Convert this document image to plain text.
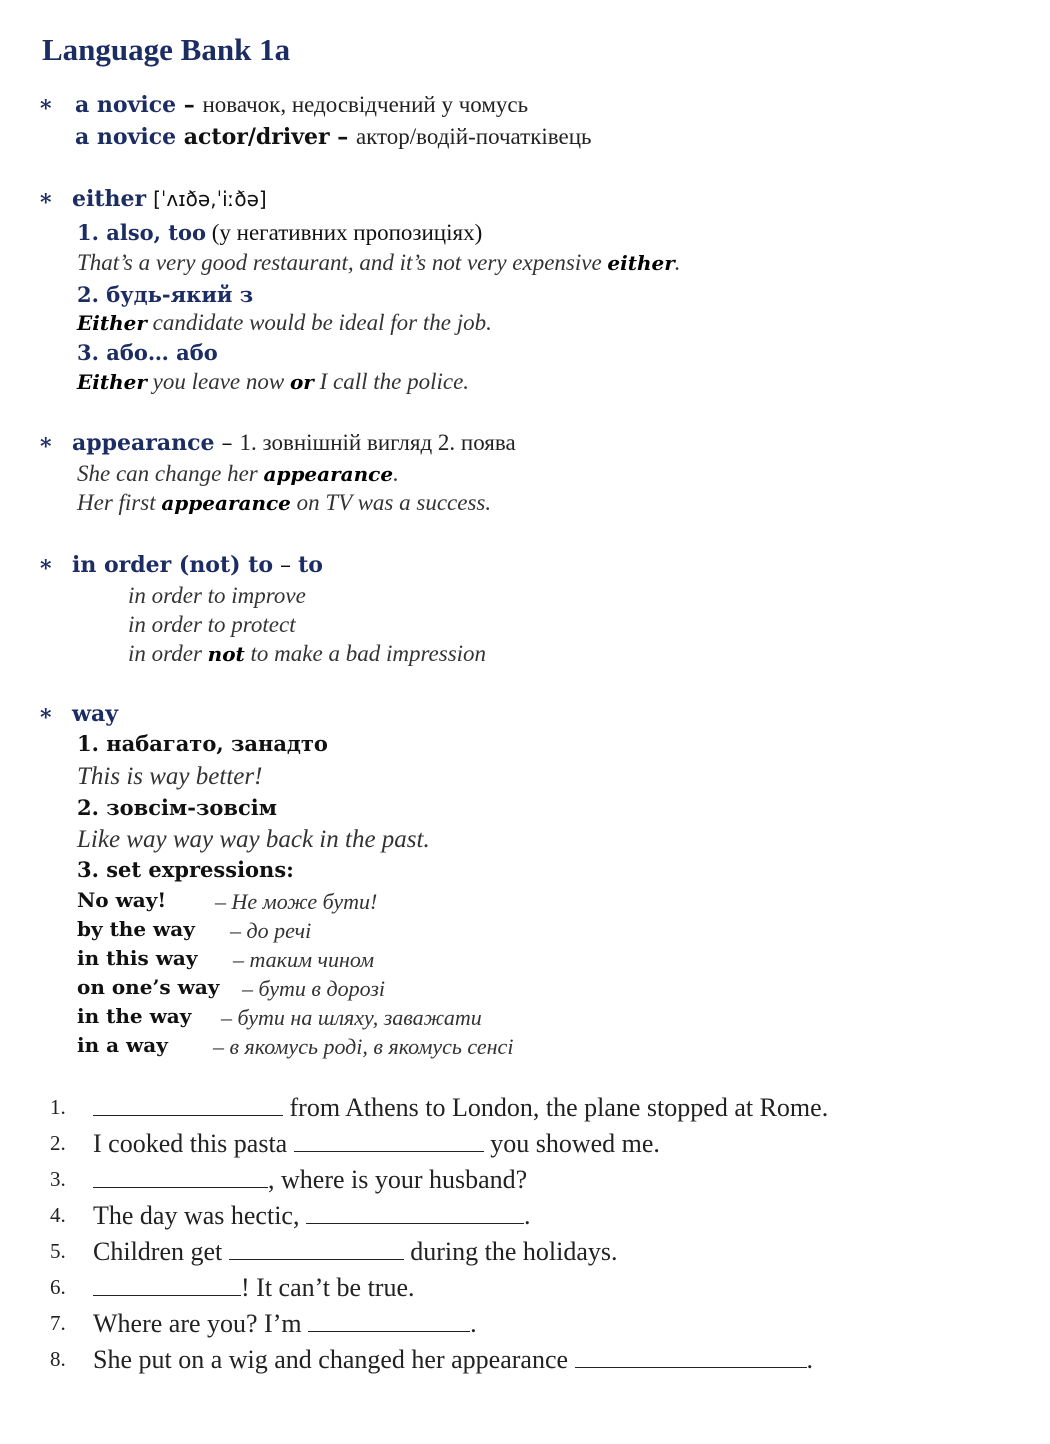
Language Bank 1a
* a novice – новачок, недосвідчений у чомусь
a novice actor/driver – актор/водій-початківець
* either [ˈʌɪðə,ˈiːðə]
1. also, too (у негативних пропозиціях)
That’s a very good restaurant, and it’s not very expensive either.
2. будь-який з
Either candidate would be ideal for the job.
3. або… або
Either you leave now or I call the police.
* appearance – 1. зовнішній вигляд 2. поява
She can change her appearance.
Her first appearance on TV was a success.
* in order (not) to – to
in order to improve
in order to protect
in order not to make a bad impression
* way
1. набагато, занадто
This is way better!
2. зовсім-зовсім
Like way way way back in the past.
3. set expressions:
No way! – Не може бути!
by the way – до речі
in this way – таким чином
on one’s way – бути в дорозі
in the way – бути на шляху, заважати
in a way – в якомусь роді, в якомусь сенсі
1.	from Athens to London, the plane stopped at Rome.
2. I cooked this pasta	you showed me.
3.	, where is your husband?
4. The day was hectic,	.
5. Children get	during the holidays.
6.	! It can’t be true.
7. Where are you? I’m	.
8. She put on a wig and changed her appearance	.
